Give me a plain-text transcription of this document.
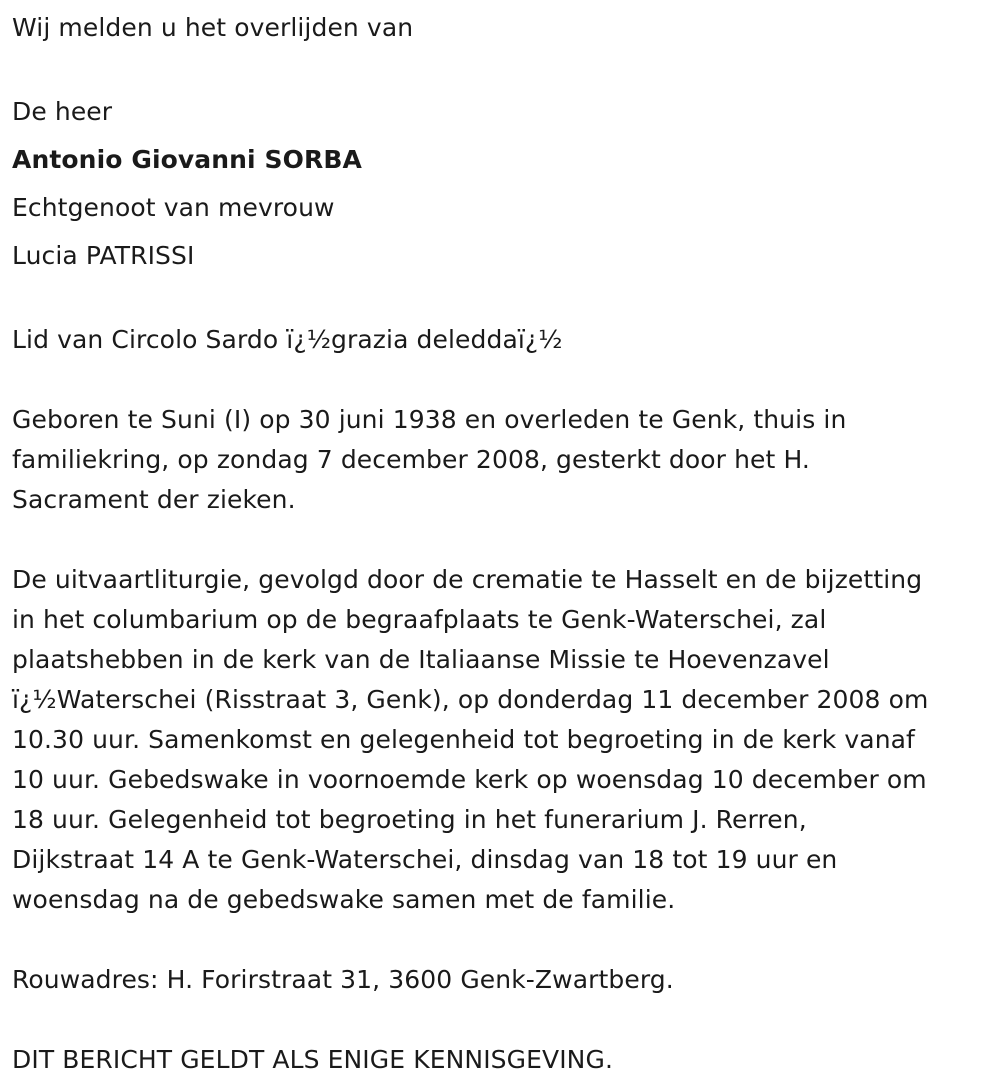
Wij melden u het overlijden van

De heer

Antonio Giovanni SORBA

Echtgenoot van mevrouw

Lucia PATRISSI

Lid van Circolo Sardo ï¿½grazia deleddaï¿½

Geboren te Suni (I) op 30 juni 1938 en overleden te Genk, thuis in
familiekring, op zondag 7 december 2008, gesterkt door het H.
Sacrament der zieken.

De uitvaartliturgie, gevolgd door de crematie te Hasselt en de bijzetting
in het columbarium op de begraafplaats te Genk-Waterschei, zal
plaatshebben in de kerk van de Italiaanse Missie te Hoevenzavel
ï¿½Waterschei (Risstraat 3, Genk), op donderdag 11 december 2008 om
10.30 uur. Samenkomst en gelegenheid tot begroeting in de kerk vanaf
10 uur. Gebedswake in voornoemde kerk op woensdag 10 december om
18 uur. Gelegenheid tot begroeting in het funerarium J. Rerren,
Dijkstraat 14 A te Genk-Waterschei, dinsdag van 18 tot 19 uur en
woensdag na de gebedswake samen met de familie.

Rouwadres: H. Forirstraat 31, 3600 Genk-Zwartberg.

DIT BERICHT GELDT ALS ENIGE KENNISGEVING.
